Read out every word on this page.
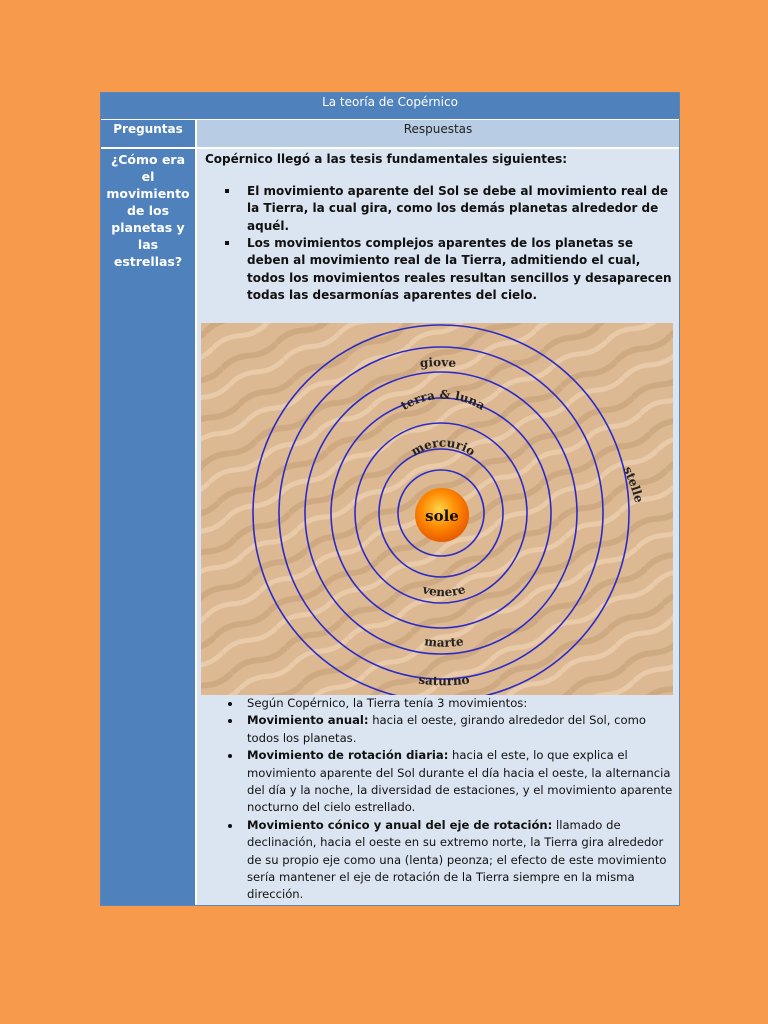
La teoría de Copérnico
Preguntas	Respuestas

¿Cómo era el movimiento de los planetas y las estrellas?

Copérnico llegó a las tesis fundamentales siguientes:

El movimiento aparente del Sol se debe al movimiento real de la Tierra, la cual gira, como los demás planetas alrededor de aquél.
Los movimientos complejos aparentes de los planetas se deben al movimiento real de la Tierra, admitiendo el cual, todos los movimientos reales resultan sencillos y desaparecen todas las desarmonías aparentes del cielo.
sole
mercurio
terra & luna
giove
venere
marte
saturno
stelle
Según Copérnico, la Tierra tenía 3 movimientos:
Movimiento anual: hacia el oeste, girando alrededor del Sol, como todos los planetas.
Movimiento de rotación diaria: hacia el este, lo que explica el movimiento aparente del Sol durante el día hacia el oeste, la alternancia del día y la noche, la diversidad de estaciones, y el movimiento aparente nocturno del cielo estrellado.
Movimiento cónico y anual del eje de rotación: llamado de declinación, hacia el oeste en su extremo norte, la Tierra gira alrededor de su propio eje como una (lenta) peonza; el efecto de este movimiento sería mantener el eje de rotación de la Tierra siempre en la misma dirección.
